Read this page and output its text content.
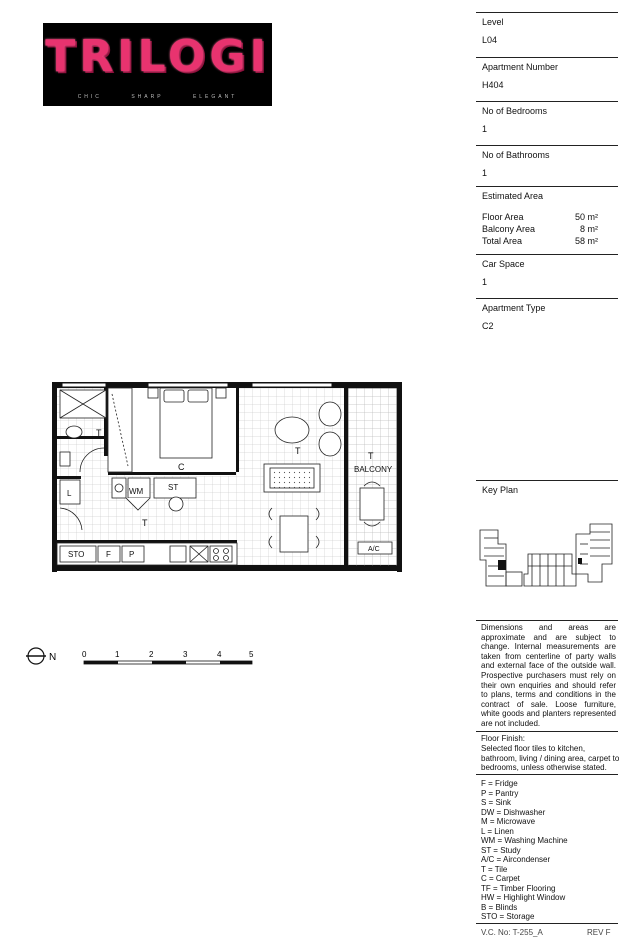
TRILOGI
CHIC	SHARP	ELEGANT
Level
L04
Apartment Number
H404
No of Bedrooms
1
No of Bathrooms
1
Estimated Area
Floor Area	50 m²
Balcony Area	8 m²
Total Area	58 m²
Car Space
1
Apartment Type
C2
Key Plan
Dimensions and areas are approximate and are subject to change. Internal measurements are taken from centerline of party walls and external face of the outside wall. Prospective purchasers must rely on their own enquiries and should refer to plans, terms and conditions in the contract of sale. Loose furniture, white goods and planters represented are not included.
Floor Finish:
Selected floor tiles to kitchen, bathroom, living / dining area, carpet to bedrooms, unless otherwise stated.
F = Fridge
P = Pantry
S = Sink
DW = Dishwasher
M = Microwave
L = Linen
WM = Washing Machine
ST = Study
A/C = Aircondenser
T = Tile
C = Carpet
TF = Timber Flooring
HW = Highlight Window
B = Blinds
STO = Storage
V.C. No: T-255_A	REV F
T
C
WM	ST
L
T
T	T
BALCONY
A/C
STO	F P
N	0	1	2	3	4	5
